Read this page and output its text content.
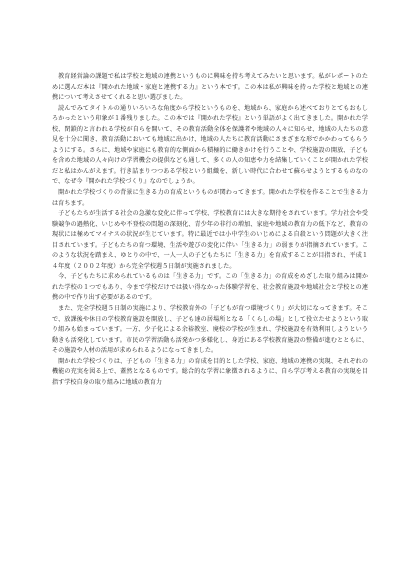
教育経営論の課題で私は学校と地域の連携というものに興味を持ち考えてみたいと思います。私がレポートのために選んだ本は『開かれた地域・家庭と連携する力』という本です。この本は私が興味を持った学校と地域との連携について考えさせてくれると思い選びました。

読んでみてタイトルの通りいろいろな角度から学校というものを、地域から、家庭から述べておりとてもおもしろかったという印象が１番残りました。この本では『開かれた学校』という単語がよく出てきました。開かれた学校、閉鎖的と言われる学校が自らを開いて、その教育活動全体を保護者や地域の人々に知らせ、地域の人たちの意見を十分に聞き、教育活動においても地域に出かけ、地域の人たちに教育活動にさまざまな形でかかわってもらうようにする。さらに、地域や家庭にも教育的な側面から積極的に働きかけを行うことや、学校施設の開放、子どもを含めた地域の人々向けの学習機会の提供なども通して、多くの人の知恵や力を結集していくことが開かれた学校だと私はかんがえます。行き詰まりつつある学校という組織を、新しい時代に合わせて蘇らせようとするものなので、なぜ今『開かれた学校づくり』なのでしょうか。

開かれた学校づくりの背景に生きる力の育成というものが関わってきます。開かれた学校を作ることで生きる力は育ちます。

子どもたちが生活する社会の急激な変化に伴って学校、学校教育には大きな期待をされています。学力社会や受験競争の過熱化、いじめや不登校の問題の深刻化、青少年の非行の増加、家庭や地域の教育力の低下など、教育の現状には極めてマイナスの状況が生じています。特に最近では小中学生のいじめによる自殺という問題が大きく注目されています。子どもたちの育つ環境、生活や遊びの変化に伴い「生きる力」の弱まりが指摘されています。このような状況を踏まえ、ゆとりの中で、一人一人の子どもたちに「生きる力」を育成することが目指され、平成１４年度（２００２年度）から完全学校週５日制が実施されました。

今、子どもたちに求められているものは「生きる力」です。この「生きる力」の育成をめざした取り組みは開かれた学校の１つでもあり、今まで学校だけでは扱い得なかった体験学習を、社会教育施設や地域社会と学校との連携の中で作り出す必要があるのです。

また、完全学校週５日制の実施により、学校教育外の「子どもが育つ環境づくり」が大切になってきます。そこで、放課後や休日の学校教育施設を開放し、子ども達の居場所となる「くらしの場」として役立たせようという取り組みも始まっています。一方、少子化による余裕教室、廃校の学校が生まれ、学校施設を有効利用しようという動きも活発化しています。市民の学習活動も活発かつ多様化し、身近にある学校教育施設の整備が進むとともに、その施設や人材の活用が求められるようになってきました。

開かれた学校づくりは、子どもの「生きる力」の育成を目的とした学校、家庭、地域の連携の実現、それぞれの機能の充実を図る上で、蓋然となるものです。総合的な学習に象徴されるように、自ら学び考える教育の実現を目指す学校自身の取り組みに地域の教育力
